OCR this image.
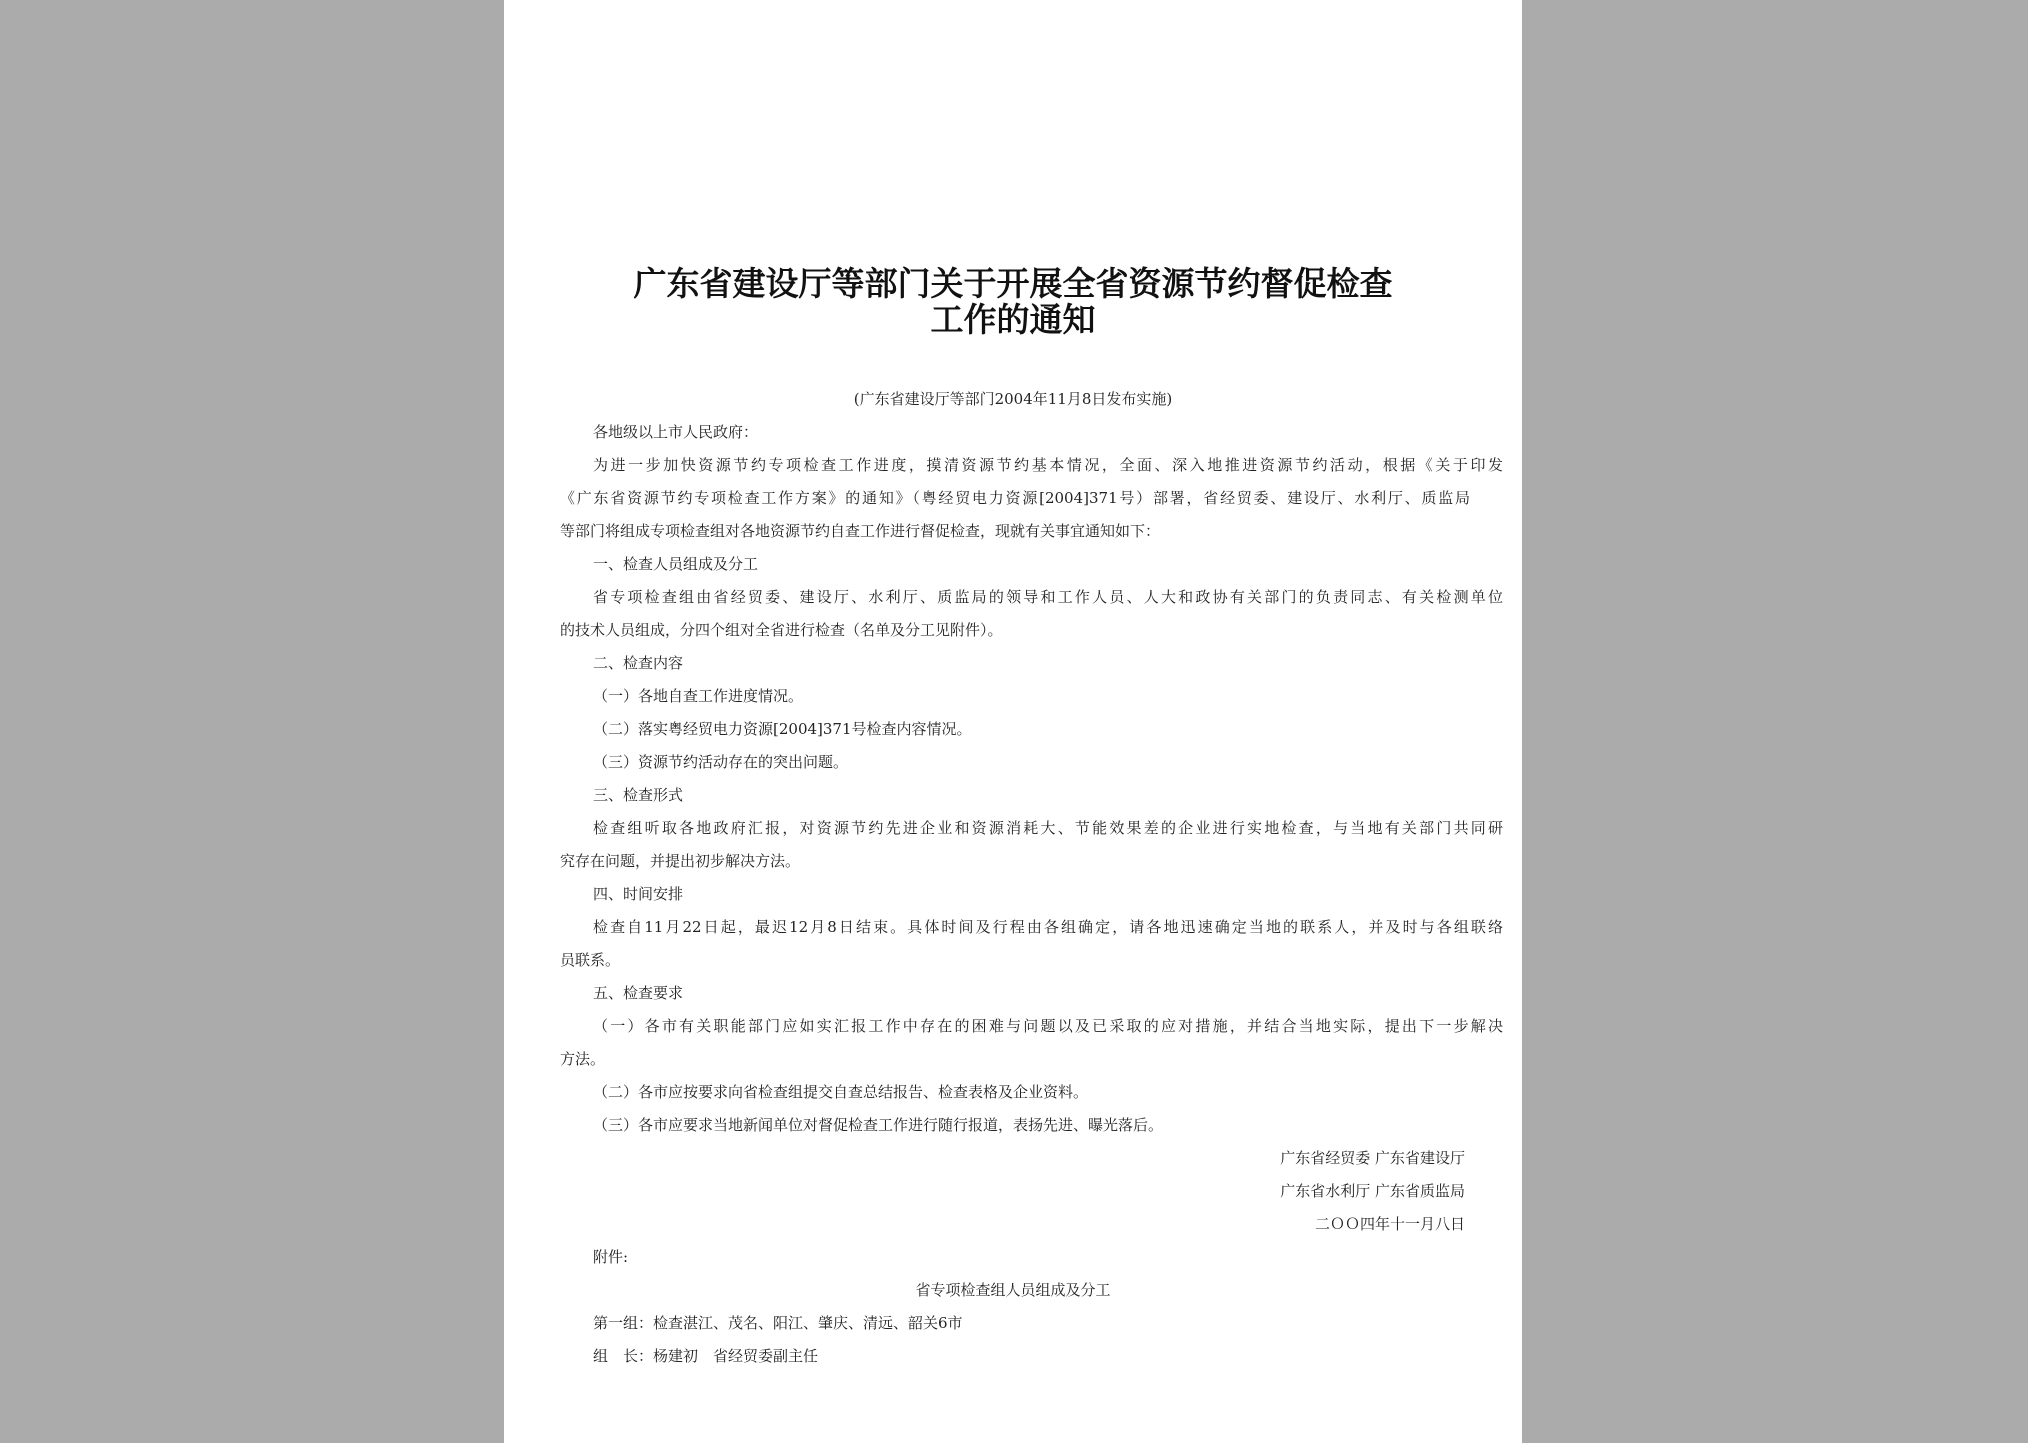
广东省建设厅等部门关于开展全省资源节约督促检查
工作的通知
(广东省建设厅等部门2004年11月8日发布实施)

各地级以上市人民政府：

为进一步加快资源节约专项检查工作进度，摸清资源节约基本情况，全面、深入地推进资源节约活动，根据《关于印发

《广东省资源节约专项检查工作方案》的通知》（粤经贸电力资源[2004]371号）部署，省经贸委、建设厅、水利厅、质监局

等部门将组成专项检查组对各地资源节约自查工作进行督促检查，现就有关事宜通知如下：

一、检查人员组成及分工

省专项检查组由省经贸委、建设厅、水利厅、质监局的领导和工作人员、人大和政协有关部门的负责同志、有关检测单位

的技术人员组成，分四个组对全省进行检查（名单及分工见附件）。

二、检查内容

（一）各地自查工作进度情况。

（二）落实粤经贸电力资源[2004]371号检查内容情况。

（三）资源节约活动存在的突出问题。

三、检查形式

检查组听取各地政府汇报，对资源节约先进企业和资源消耗大、节能效果差的企业进行实地检查，与当地有关部门共同研

究存在问题，并提出初步解决方法。

四、时间安排

检查自11月22日起，最迟12月8日结束。具体时间及行程由各组确定，请各地迅速确定当地的联系人，并及时与各组联络

员联系。

五、检查要求

（一）各市有关职能部门应如实汇报工作中存在的困难与问题以及已采取的应对措施，并结合当地实际，提出下一步解决

方法。

（二）各市应按要求向省检查组提交自查总结报告、检查表格及企业资料。

（三）各市应要求当地新闻单位对督促检查工作进行随行报道，表扬先进、曝光落后。

广东省经贸委 广东省建设厅
广东省水利厅 广东省质监局
二ＯＯ四年十一月八日

附件:

省专项检查组人员组成及分工

第一组：检查湛江、茂名、阳江、肇庆、清远、韶关6市

组　长：杨建初　省经贸委副主任
